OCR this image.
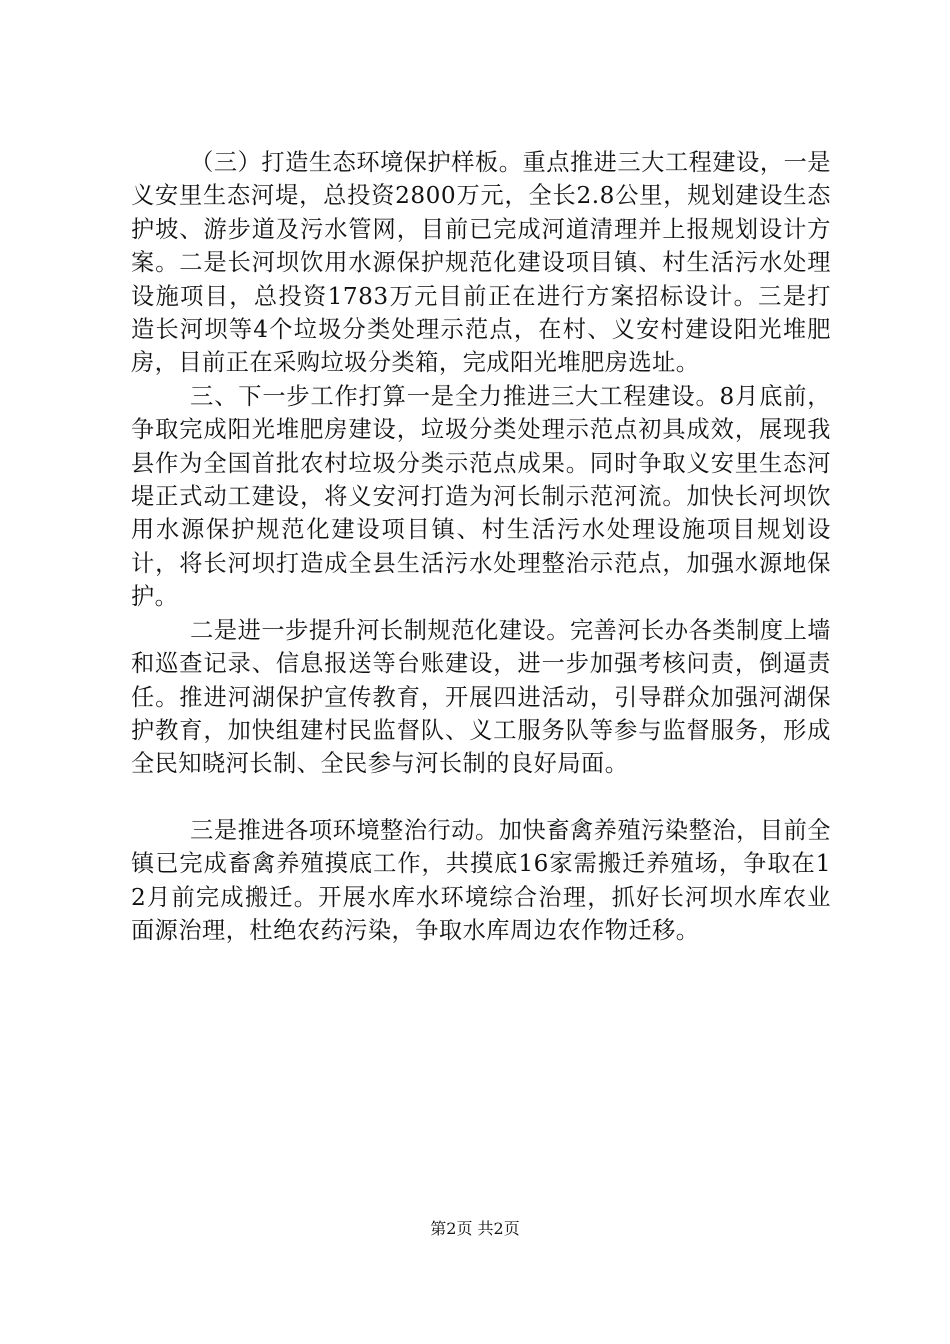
（三）打造生态环境保护样板。重点推进三大工程建设，一是义安里生态河堤，总投资2800万元，全长2.8公里，规划建设生态护坡、游步道及污水管网，目前已完成河道清理并上报规划设计方案。二是长河坝饮用水源保护规范化建设项目镇、村生活污水处理设施项目，总投资1783万元目前正在进行方案招标设计。三是打造长河坝等4个垃圾分类处理示范点，在村、义安村建设阳光堆肥房，目前正在采购垃圾分类箱，完成阳光堆肥房选址。

三、下一步工作打算一是全力推进三大工程建设。8月底前，争取完成阳光堆肥房建设，垃圾分类处理示范点初具成效，展现我县作为全国首批农村垃圾分类示范点成果。同时争取义安里生态河堤正式动工建设，将义安河打造为河长制示范河流。加快长河坝饮用水源保护规范化建设项目镇、村生活污水处理设施项目规划设计，将长河坝打造成全县生活污水处理整治示范点，加强水源地保护。

二是进一步提升河长制规范化建设。完善河长办各类制度上墙和巡查记录、信息报送等台账建设，进一步加强考核问责，倒逼责任。推进河湖保护宣传教育，开展四进活动，引导群众加强河湖保护教育，加快组建村民监督队、义工服务队等参与监督服务，形成全民知晓河长制、全民参与河长制的良好局面。

三是推进各项环境整治行动。加快畜禽养殖污染整治，目前全镇已完成畜禽养殖摸底工作，共摸底16家需搬迁养殖场，争取在12月前完成搬迁。开展水库水环境综合治理，抓好长河坝水库农业面源治理，杜绝农药污染，争取水库周边农作物迁移。

第2页 共2页
